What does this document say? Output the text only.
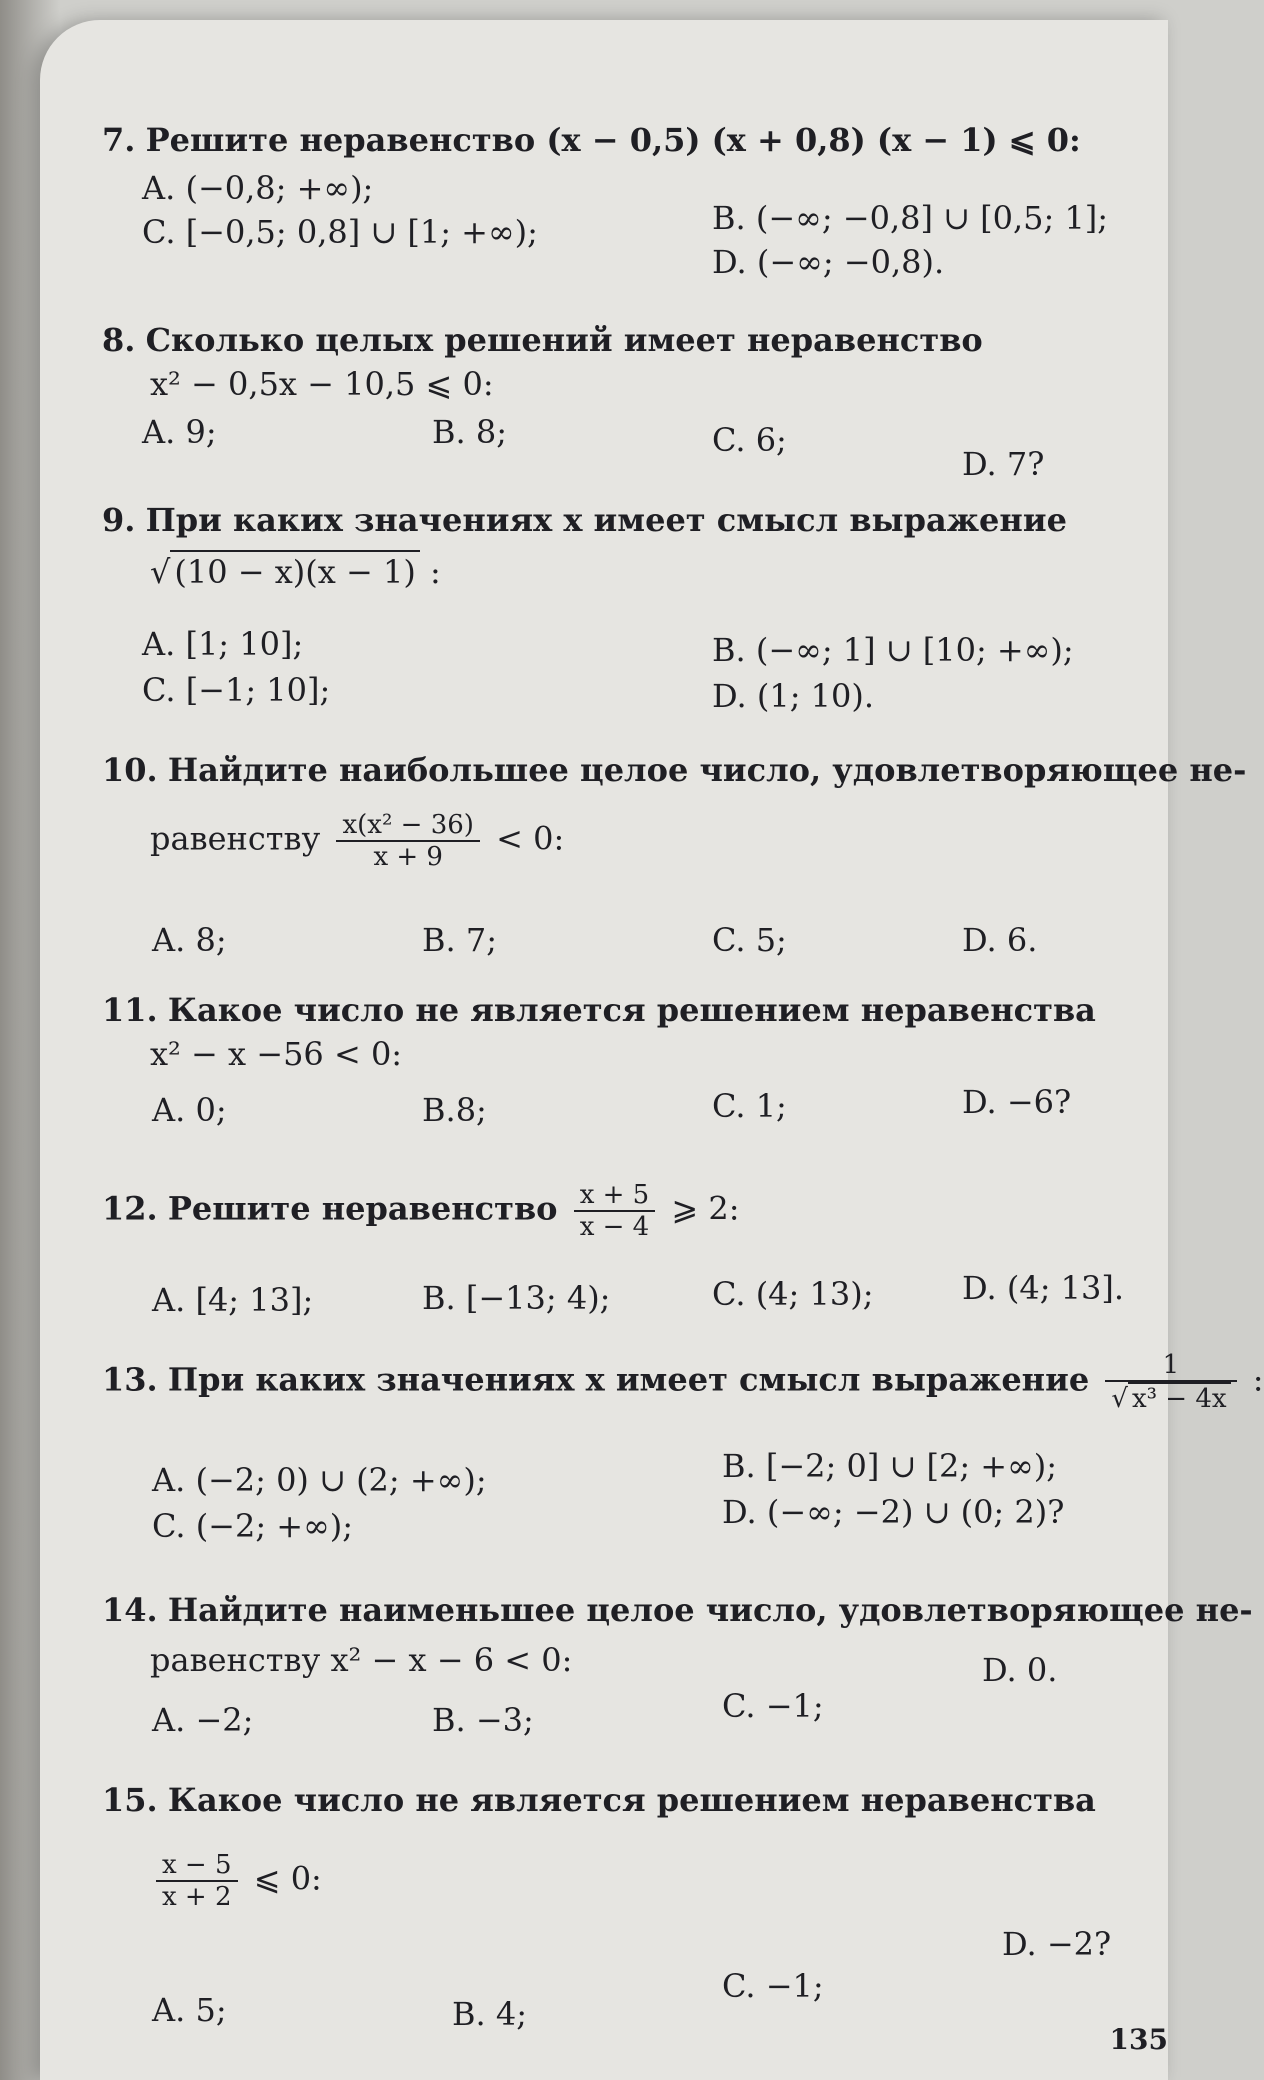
7. Решите неравенство (x − 0,5) (x + 0,8) (x − 1) ⩽ 0:
A. (−0,8; +∞);
B. (−∞; −0,8] ∪ [0,5; 1];
C. [−0,5; 0,8] ∪ [1; +∞);
D. (−∞; −0,8).
8. Сколько целых решений имеет неравенство
x² − 0,5x − 10,5 ⩽ 0:
A. 9;	B. 8;	C. 6;
D. 7?
9. При каких значениях x имеет смысл выражение
√ (10 − x)(x − 1) :
A. [1; 10];	B. (−∞; 1] ∪ [10; +∞);
C. [−1; 10];	D. (1; 10).
10. Найдите наибольшее целое число, удовлетворяющее не-
равенству $\frac{\text{x(x² − 36)}}{x + 9} < 0$:
A. 8;	B. 7;	C. 5;	D. 6.
11. Какое число не является решением неравенства
x² − x −56 < 0:
A. 0;	B.8;	C. 1;	D. −6?
12. Решите неравенство $\frac{x + 5}{x - 4}$ ⩾ 2:
A. [4; 13];	B. [−13; 4);	C. (4; 13);	D. (4; 13].
13. При каких значениях x имеет смысл выражение $\frac{1}{\text{√ x³ − 4x}}$ :
A. (−2; 0) ∪ (2; +∞);	B. [−2; 0] ∪ [2; +∞);
C. (−2; +∞);	D. (−∞; −2) ∪ (0; 2)?
14. Найдите наименьшее целое число, удовлетворяющее не-
равенству x² − x − 6 < 0:
A. −2;	B. −3;	C. −1;
D. 0.
15. Какое число не является решением неравенства
$\frac{x - 5}{x + 2}$ ⩽ 0:
A. 5;	B. 4;
C. −1;
D. −2?
135
